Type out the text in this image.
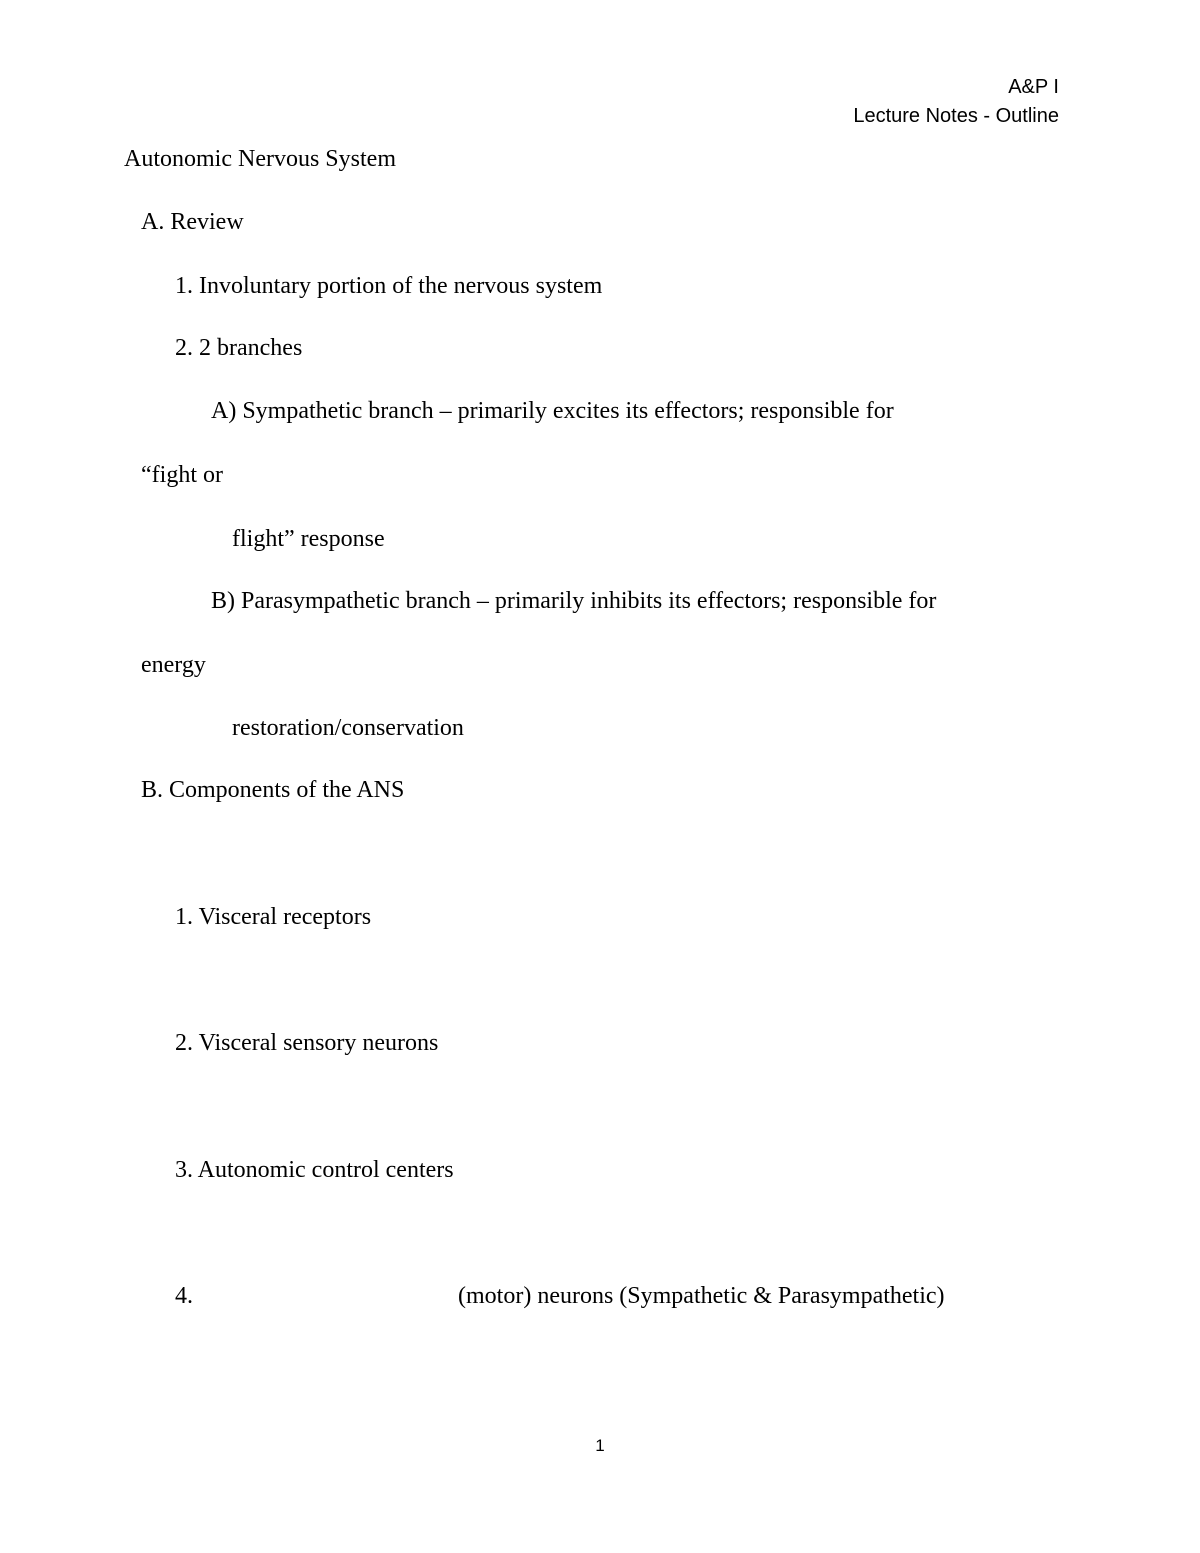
A&P I
Lecture Notes - Outline
Autonomic Nervous System
A. Review
1. Involuntary portion of the nervous system
2. 2 branches
A) Sympathetic branch – primarily excites its effectors; responsible for
“fight or
flight” response
B) Parasympathetic branch – primarily inhibits its effectors; responsible for
energy
restoration/conservation
B. Components of the ANS
1. Visceral receptors
2. Visceral sensory neurons
3. Autonomic control centers
4.	(motor) neurons (Sympathetic & Parasympathetic)
1
